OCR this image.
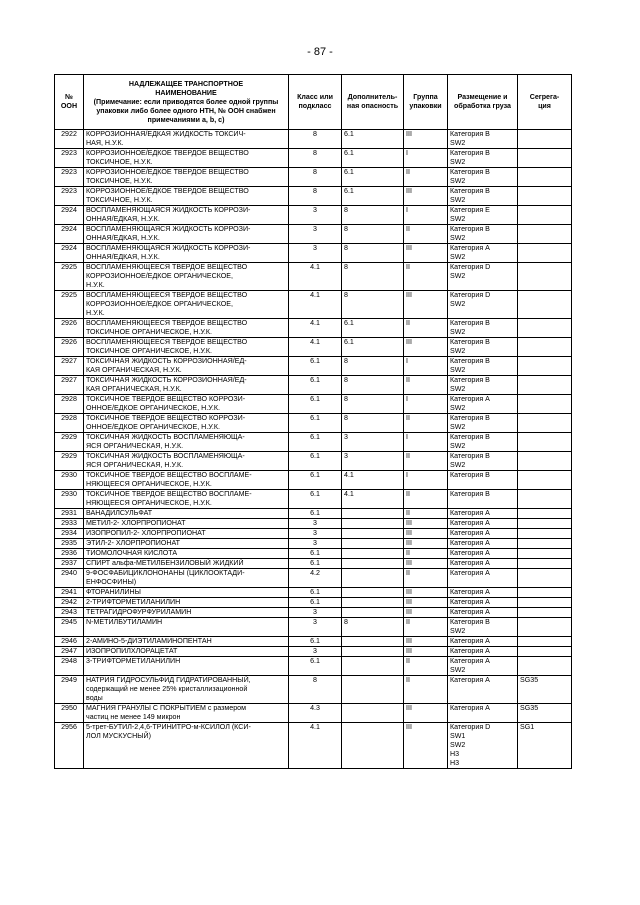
- 87 -
№
ООН	НАДЛЕЖАЩЕЕ ТРАНСПОРТНОЕ
НАИМЕНОВАНИЕ
(Примечание: если приводятся более одной группы упаковки либо более одного НТН, № ООН снабжен примечаниями a, b, c)	Класс или подкласс	Дополнитель-
ная опасность	Группа упаковки	Размещение и обработка груза	Сегрега-
ция
2922	КОРРОЗИОННАЯ/ЕДКАЯ ЖИДКОСТЬ ТОКСИЧ-
НАЯ, Н.У.К.	8	6.1	III	Категория B
SW2	
2923	КОРРОЗИОННОЕ/ЕДКОЕ ТВЕРДОЕ ВЕЩЕСТВО
ТОКСИЧНОЕ, Н.У.К.	8	6.1	I	Категория B
SW2	
2923	КОРРОЗИОННОЕ/ЕДКОЕ ТВЕРДОЕ ВЕЩЕСТВО
ТОКСИЧНОЕ, Н.У.К.	8	6.1	II	Категория B
SW2	
2923	КОРРОЗИОННОЕ/ЕДКОЕ ТВЕРДОЕ ВЕЩЕСТВО
ТОКСИЧНОЕ, Н.У.К.	8	6.1	III	Категория B
SW2	
2924	ВОСПЛАМЕНЯЮЩАЯСЯ ЖИДКОСТЬ КОРРОЗИ-
ОННАЯ/ЕДКАЯ, Н.У.К.	3	8	I	Категория E
SW2	
2924	ВОСПЛАМЕНЯЮЩАЯСЯ ЖИДКОСТЬ КОРРОЗИ-
ОННАЯ/ЕДКАЯ, Н.У.К.	3	8	II	Категория B
SW2	
2924	ВОСПЛАМЕНЯЮЩАЯСЯ ЖИДКОСТЬ КОРРОЗИ-
ОННАЯ/ЕДКАЯ, Н.У.К.	3	8	III	Категория A
SW2	
2925	ВОСПЛАМЕНЯЮЩЕЕСЯ ТВЕРДОЕ ВЕЩЕСТВО
КОРРОЗИОННОЕ/ЕДКОЕ ОРГАНИЧЕСКОЕ,
Н.У.К.	4.1	8	II	Категория D
SW2	
2925	ВОСПЛАМЕНЯЮЩЕЕСЯ ТВЕРДОЕ ВЕЩЕСТВО
КОРРОЗИОННОЕ/ЕДКОЕ ОРГАНИЧЕСКОЕ,
Н.У.К.	4.1	8	III	Категория D
SW2	
2926	ВОСПЛАМЕНЯЮЩЕЕСЯ ТВЕРДОЕ ВЕЩЕСТВО
ТОКСИЧНОЕ ОРГАНИЧЕСКОЕ, Н.У.К.	4.1	6.1	II	Категория B
SW2	
2926	ВОСПЛАМЕНЯЮЩЕЕСЯ ТВЕРДОЕ ВЕЩЕСТВО
ТОКСИЧНОЕ ОРГАНИЧЕСКОЕ, Н.У.К.	4.1	6.1	III	Категория B
SW2	
2927	ТОКСИЧНАЯ ЖИДКОСТЬ КОРРОЗИОННАЯ/ЕД-
КАЯ ОРГАНИЧЕСКАЯ, Н.У.К.	6.1	8	I	Категория B
SW2	
2927	ТОКСИЧНАЯ ЖИДКОСТЬ КОРРОЗИОННАЯ/ЕД-
КАЯ ОРГАНИЧЕСКАЯ, Н.У.К.	6.1	8	II	Категория B
SW2	
2928	ТОКСИЧНОЕ ТВЕРДОЕ ВЕЩЕСТВО КОРРОЗИ-
ОННОЕ/ЕДКОЕ ОРГАНИЧЕСКОЕ, Н.У.К.	6.1	8	I	Категория A
SW2	
2928	ТОКСИЧНОЕ ТВЕРДОЕ ВЕЩЕСТВО КОРРОЗИ-
ОННОЕ/ЕДКОЕ ОРГАНИЧЕСКОЕ, Н.У.К.	6.1	8	II	Категория B
SW2	
2929	ТОКСИЧНАЯ ЖИДКОСТЬ ВОСПЛАМЕНЯЮЩА-
ЯСЯ ОРГАНИЧЕСКАЯ, Н.У.К.	6.1	3	I	Категория B
SW2	
2929	ТОКСИЧНАЯ ЖИДКОСТЬ ВОСПЛАМЕНЯЮЩА-
ЯСЯ ОРГАНИЧЕСКАЯ, Н.У.К.	6.1	3	II	Категория B
SW2	
2930	ТОКСИЧНОЕ ТВЕРДОЕ ВЕЩЕСТВО ВОСПЛАМЕ-
НЯЮЩЕЕСЯ ОРГАНИЧЕСКОЕ, Н.У.К.	6.1	4.1	I	Категория B	
2930	ТОКСИЧНОЕ ТВЕРДОЕ ВЕЩЕСТВО ВОСПЛАМЕ-
НЯЮЩЕЕСЯ ОРГАНИЧЕСКОЕ, Н.У.К.	6.1	4.1	II	Категория B	
2931	ВАНАДИЛСУЛЬФАТ	6.1		II	Категория A	
2933	МЕТИЛ-2- ХЛОРПРОПИОНАТ	3		III	Категория A	
2934	ИЗОПРОПИЛ-2- ХЛОРПРОПИОНАТ	3		III	Категория A	
2935	ЭТИЛ-2- ХЛОРПРОПИОНАТ	3		III	Категория A	
2936	ТИОМОЛОЧНАЯ КИСЛОТА	6.1		II	Категория A	
2937	СПИРТ альфа-МЕТИЛБЕНЗИЛОВЫЙ ЖИДКИЙ	6.1		III	Категория A	
2940	9-ФОСФАБИЦИКЛОНОНАНЫ (ЦИКЛООКТАДИ-
ЕНФОСФИНЫ)	4.2		II	Категория A	
2941	ФТОРАНИЛИНЫ	6.1		III	Категория A	
2942	2-ТРИФТОРМЕТИЛАНИЛИН	6.1		III	Категория A	
2943	ТЕТРАГИДРОФУРФУРИЛАМИН	3		III	Категория A	
2945	N-МЕТИЛБУТИЛАМИН	3	8	II	Категория B
SW2	
2946	2-АМИНО-5-ДИЭТИЛАМИНОПЕНТАН	6.1		III	Категория A	
2947	ИЗОПРОПИЛХЛОРАЦЕТАТ	3		III	Категория A	
2948	3-ТРИФТОРМЕТИЛАНИЛИН	6.1		II	Категория A
SW2	
2949	НАТРИЯ ГИДРОСУЛЬФИД ГИДРАТИРОВАННЫЙ,
содержащий не менее 25% кристаллизационной
воды	8		II	Категория A	SG35
2950	МАГНИЯ ГРАНУЛЫ С ПОКРЫТИЕМ с размером
частиц не менее 149 микрон	4.3		III	Категория A	SG35
2956	5-трет-БУТИЛ-2,4,6-ТРИНИТРО-м-КСИЛОЛ (КСИ-
ЛОЛ МУСКУСНЫЙ)	4.1		III	Категория D
SW1
SW2
H3
H3	SG1
